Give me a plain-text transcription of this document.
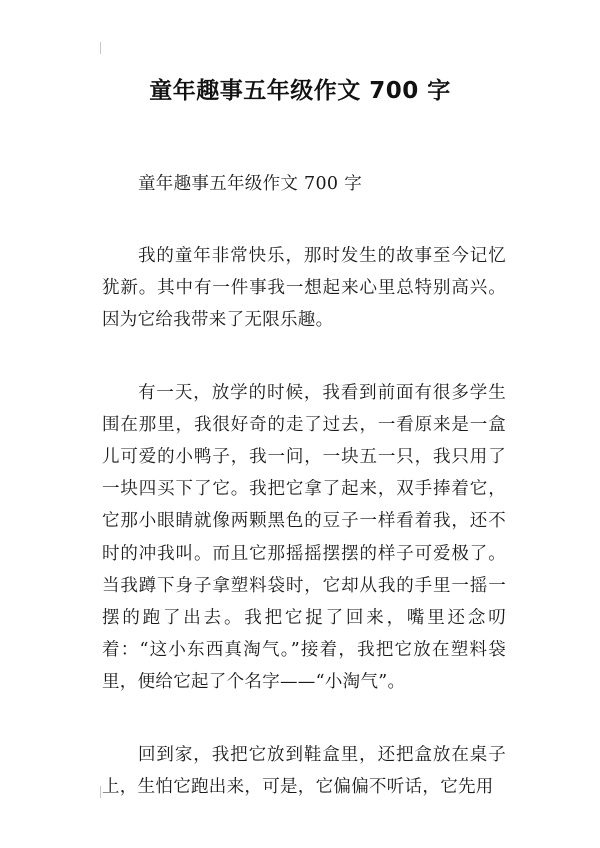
童年趣事五年级作文 700 字

童年趣事五年级作文 700 字

我的童年非常快乐，那时发生的故事至今记忆犹新。其中有一件事我一想起来心里总特别高兴。因为它给我带来了无限乐趣。

有一天，放学的时候，我看到前面有很多学生围在那里，我很好奇的走了过去，一看原来是一盒儿可爱的小鸭子，我一问，一块五一只，我只用了一块四买下了它。我把它拿了起来，双手捧着它，它那小眼睛就像两颗黑色的豆子一样看着我，还不时的冲我叫。而且它那摇摇摆摆的样子可爱极了。当我蹲下身子拿塑料袋时，它却从我的手里一摇一摆的跑了出去。我把它捉了回来，嘴里还念叨着：“这小东西真淘气。”接着，我把它放在塑料袋里，便给它起了个名字——“小淘气”。

回到家，我把它放到鞋盒里，还把盒放在桌子上，生怕它跑出来，可是，它偏偏不听话，它先用
